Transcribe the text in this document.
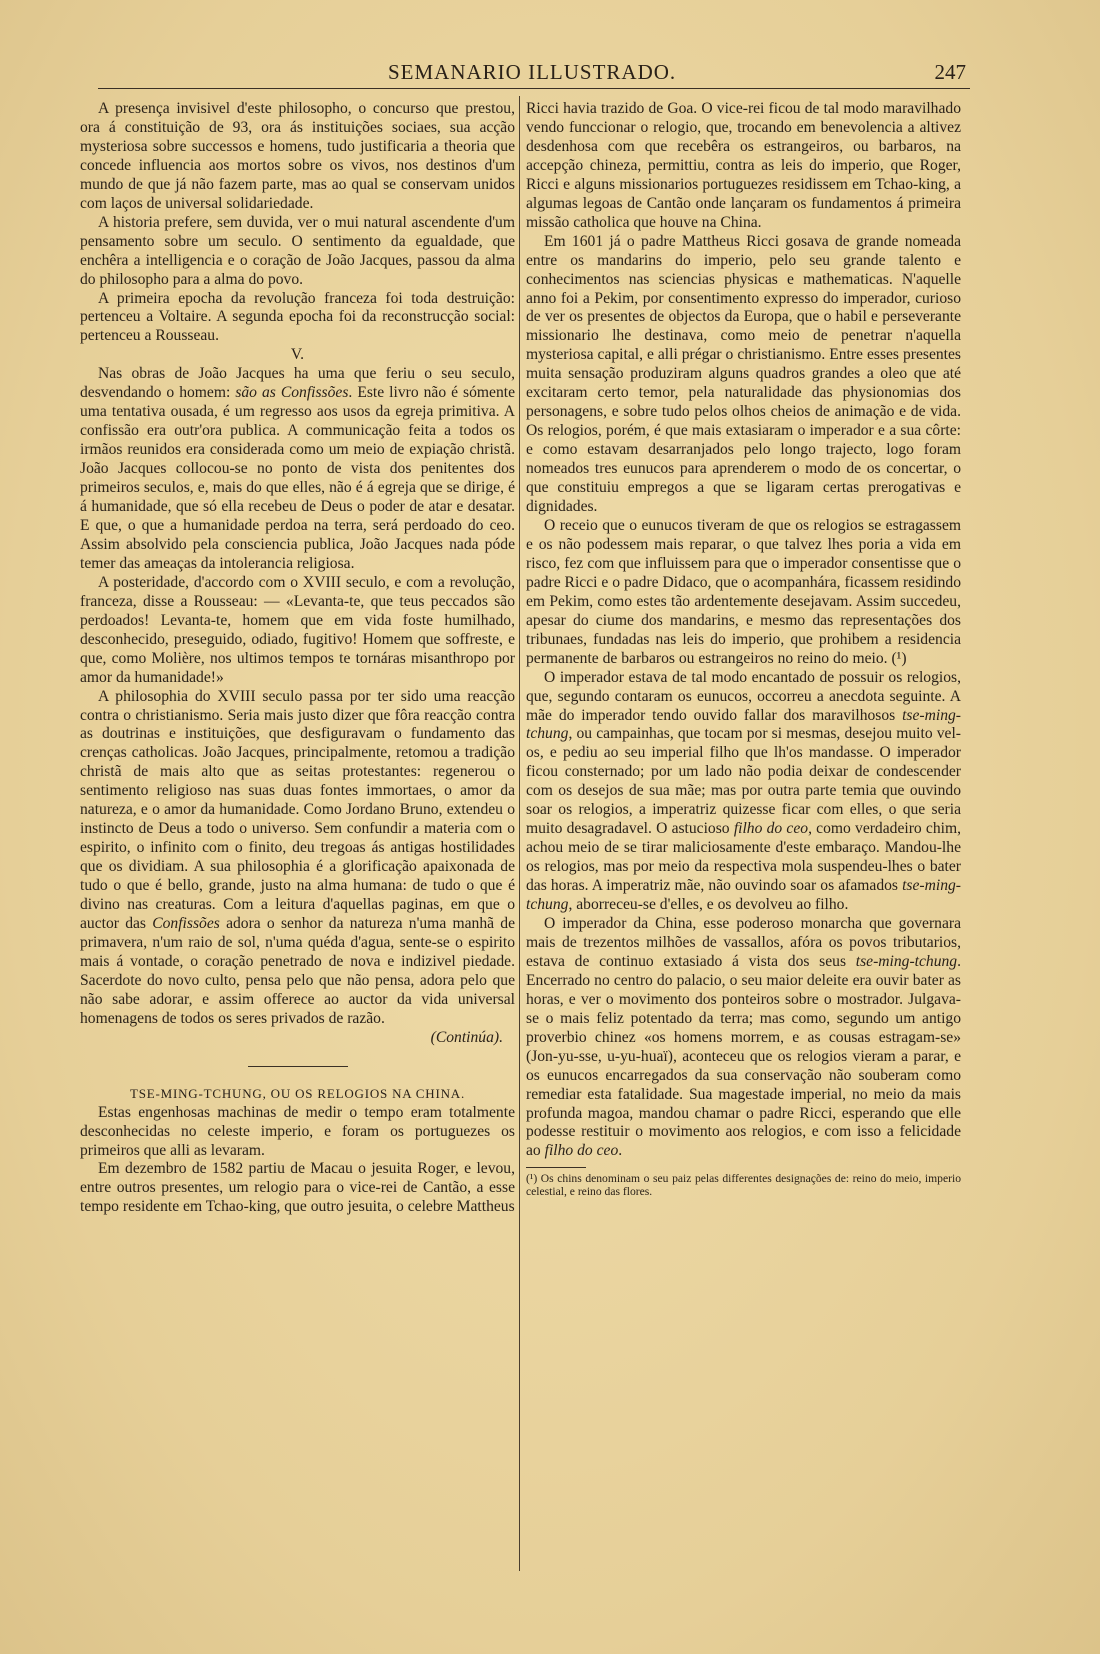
SEMANARIO ILLUSTRADO.	247

A presença invisivel d'este philosopho, o concurso que prestou, ora á constituição de 93, ora ás instituições sociaes, sua acção mysteriosa sobre successos e homens, tudo justificaria a theoria que concede influencia aos mortos sobre os vivos, nos destinos d'um mundo de que já não fazem parte, mas ao qual se conservam unidos com laços de universal solidariedade.

A historia prefere, sem duvida, ver o mui natural ascendente d'um pensamento sobre um seculo. O sentimento da egualdade, que enchêra a intelligencia e o coração de João Jacques, passou da alma do philosopho para a alma do povo.

A primeira epocha da revolução franceza foi toda destruição: pertenceu a Voltaire. A segunda epocha foi da reconstrucção social: pertenceu a Rousseau.

V.

Nas obras de João Jacques ha uma que feriu o seu seculo, desvendando o homem: são as Confissões. Este livro não é sómente uma tentativa ousada, é um regresso aos usos da egreja primitiva. A confissão era outr'ora publica. A communicação feita a todos os irmãos reunidos era considerada como um meio de expiação christã. João Jacques collocou-se no ponto de vista dos penitentes dos primeiros seculos, e, mais do que elles, não é á egreja que se dirige, é á humanidade, que só ella recebeu de Deus o poder de atar e desatar. E que, o que a humanidade perdoa na terra, será perdoado do ceo. Assim absolvido pela consciencia publica, João Jacques nada póde temer das ameaças da intolerancia religiosa.

A posteridade, d'accordo com o XVIII seculo, e com a revolução, franceza, disse a Rousseau: — «Levanta-te, que teus peccados são perdoados! Levanta-te, homem que em vida foste humilhado, desconhecido, preseguido, odiado, fugitivo! Homem que soffreste, e que, como Molière, nos ultimos tempos te tornáras misanthropo por amor da humanidade!»

A philosophia do XVIII seculo passa por ter sido uma reacção contra o christianismo. Seria mais justo dizer que fôra reacção contra as doutrinas e instituições, que desfiguravam o fundamento das crenças catholicas. João Jacques, principalmente, retomou a tradição christã de mais alto que as seitas protestantes: regenerou o sentimento religioso nas suas duas fontes immortaes, o amor da natureza, e o amor da humanidade. Como Jordano Bruno, extendeu o instincto de Deus a todo o universo. Sem confundir a materia com o espirito, o infinito com o finito, deu tregoas ás antigas hostilidades que os dividiam. A sua philosophia é a glorificação apaixonada de tudo o que é bello, grande, justo na alma humana: de tudo o que é divino nas creaturas. Com a leitura d'aquellas paginas, em que o auctor das Confissões adora o senhor da natureza n'uma manhã de primavera, n'um raio de sol, n'uma quéda d'agua, sente-se o espirito mais á vontade, o coração penetrado de nova e indizivel piedade. Sacerdote do novo culto, pensa pelo que não pensa, adora pelo que não sabe adorar, e assim offerece ao auctor da vida universal homenagens de todos os seres privados de razão.

(Continúa).

TSE-MING-TCHUNG, OU OS RELOGIOS NA CHINA.

Estas engenhosas machinas de medir o tempo eram totalmente desconhecidas no celeste imperio, e foram os portuguezes os primeiros que alli as levaram.

Em dezembro de 1582 partiu de Macau o jesuita Roger, e levou, entre outros presentes, um relogio para o vice-rei de Cantão, a esse tempo residente em Tchao-king, que outro jesuita, o celebre Mattheus

Ricci havia trazido de Goa. O vice-rei ficou de tal modo maravilhado vendo funccionar o relogio, que, trocando em benevolencia a altivez desdenhosa com que recebêra os estrangeiros, ou barbaros, na accepção chineza, permittiu, contra as leis do imperio, que Roger, Ricci e alguns missionarios portuguezes residissem em Tchao-king, a algumas legoas de Cantão onde lançaram os fundamentos á primeira missão catholica que houve na China.

Em 1601 já o padre Mattheus Ricci gosava de grande nomeada entre os mandarins do imperio, pelo seu grande talento e conhecimentos nas sciencias physicas e mathematicas. N'aquelle anno foi a Pekim, por consentimento expresso do imperador, curioso de ver os presentes de objectos da Europa, que o habil e perseverante missionario lhe destinava, como meio de penetrar n'aquella mysteriosa capital, e alli prégar o christianismo. Entre esses presentes muita sensação produziram alguns quadros grandes a oleo que até excitaram certo temor, pela naturalidade das physionomias dos personagens, e sobre tudo pelos olhos cheios de animação e de vida. Os relogios, porém, é que mais extasiaram o imperador e a sua côrte: e como estavam desarranjados pelo longo trajecto, logo foram nomeados tres eunucos para aprenderem o modo de os concertar, o que constituiu empregos a que se ligaram certas prerogativas e dignidades.

O receio que o eunucos tiveram de que os relogios se estragassem e os não podessem mais reparar, o que talvez lhes poria a vida em risco, fez com que influissem para que o imperador consentisse que o padre Ricci e o padre Didaco, que o acompanhára, ficassem residindo em Pekim, como estes tão ardentemente desejavam. Assim succedeu, apesar do ciume dos mandarins, e mesmo das representações dos tribunaes, fundadas nas leis do imperio, que prohibem a residencia permanente de barbaros ou estrangeiros no reino do meio. (¹)

O imperador estava de tal modo encantado de possuir os relogios, que, segundo contaram os eunucos, occorreu a anecdota seguinte. A mãe do imperador tendo ouvido fallar dos maravilhosos tse-ming-tchung, ou campainhas, que tocam por si mesmas, desejou muito vel-os, e pediu ao seu imperial filho que lh'os mandasse. O imperador ficou consternado; por um lado não podia deixar de condescender com os desejos de sua mãe; mas por outra parte temia que ouvindo soar os relogios, a imperatriz quizesse ficar com elles, o que seria muito desagradavel. O astucioso filho do ceo, como verdadeiro chim, achou meio de se tirar maliciosamente d'este embaraço. Mandou-lhe os relogios, mas por meio da respectiva mola suspendeu-lhes o bater das horas. A imperatriz mãe, não ouvindo soar os afamados tse-ming-tchung, aborreceu-se d'elles, e os devolveu ao filho.

O imperador da China, esse poderoso monarcha que governara mais de trezentos milhões de vassallos, afóra os povos tributarios, estava de continuo extasiado á vista dos seus tse-ming-tchung. Encerrado no centro do palacio, o seu maior deleite era ouvir bater as horas, e ver o movimento dos ponteiros sobre o mostrador. Julgava-se o mais feliz potentado da terra; mas como, segundo um antigo proverbio chinez «os homens morrem, e as cousas estragam-se» (Jon-yu-sse, u-yu-huaï), aconteceu que os relogios vieram a parar, e os eunucos encarregados da sua conservação não souberam como remediar esta fatalidade. Sua magestade imperial, no meio da mais profunda magoa, mandou chamar o padre Ricci, esperando que elle podesse restituir o movimento aos relogios, e com isso a felicidade ao filho do ceo.

(¹) Os chins denominam o seu paiz pelas differentes designações de: reino do meio, imperio celestial, e reino das flores.
